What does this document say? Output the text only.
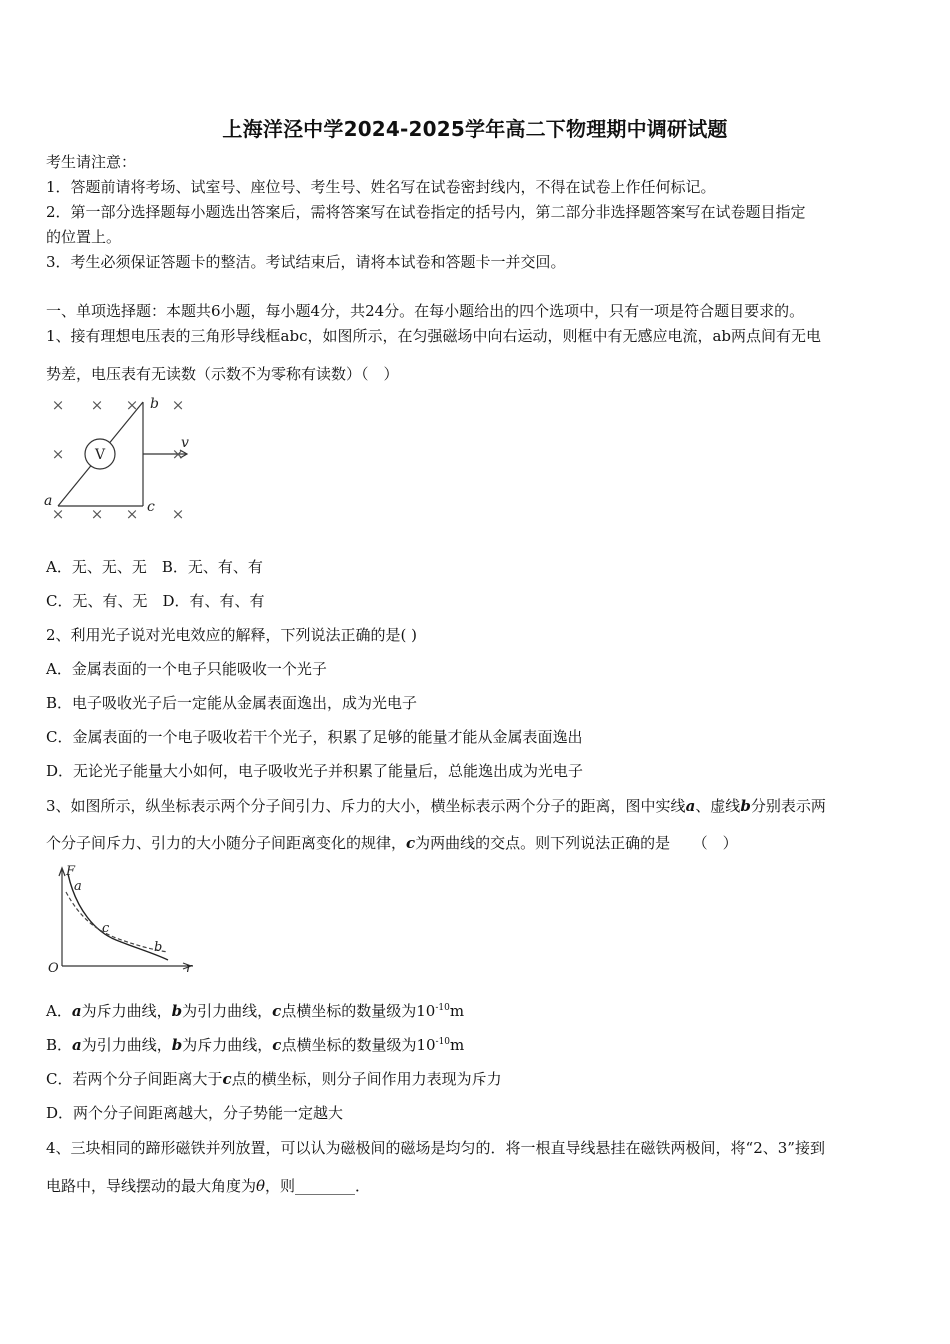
上海洋泾中学2024-2025学年高二下物理期中调研试题
考生请注意：
1．答题前请将考场、试室号、座位号、考生号、姓名写在试卷密封线内，不得在试卷上作任何标记。
2．第一部分选择题每小题选出答案后，需将答案写在试卷指定的括号内，第二部分非选择题答案写在试卷题目指定
的位置上。
3．考生必须保证答题卡的整洁。考试结束后，请将本试卷和答题卡一并交回。
一、单项选择题：本题共6小题，每小题4分，共24分。在每小题给出的四个选项中，只有一项是符合题目要求的。
1、接有理想电压表的三角形导线框abc，如图所示，在匀强磁场中向右运动，则框中有无感应电流，ab两点间有无电
势差，电压表有无读数（示数不为零称有读数）（　）
V
× × × ×
×	×
× × × ×
b
a	c
v
A．无、无、无　B．无、有、有
C．无、有、无　D．有、有、有
2、利用光子说对光电效应的解释，下列说法正确的是( )
A．金属表面的一个电子只能吸收一个光子
B．电子吸收光子后一定能从金属表面逸出，成为光电子
C．金属表面的一个电子吸收若干个光子，积累了足够的能量才能从金属表面逸出
D．无论光子能量大小如何，电子吸收光子并积累了能量后，总能逸出成为光电子
3、如图所示，纵坐标表示两个分子间引力、斥力的大小，横坐标表示两个分子的距离，图中实线a、虚线b分别表示两
个分子间斥力、引力的大小随分子间距离变化的规律，c为两曲线的交点。则下列说法正确的是　　（　）
F
a
c
b
O	r
A．a为斥力曲线，b为引力曲线，c点横坐标的数量级为$10^{-10}m$
B．a为引力曲线，b为斥力曲线，c点横坐标的数量级为$10^{-10}m$
C．若两个分子间距离大于c点的横坐标，则分子间作用力表现为斥力
D．两个分子间距离越大，分子势能一定越大
4、三块相同的蹄形磁铁并列放置，可以认为磁极间的磁场是均匀的．将一根直导线悬挂在磁铁两极间，将“2、3”接到
电路中，导线摆动的最大角度为θ，则________．
